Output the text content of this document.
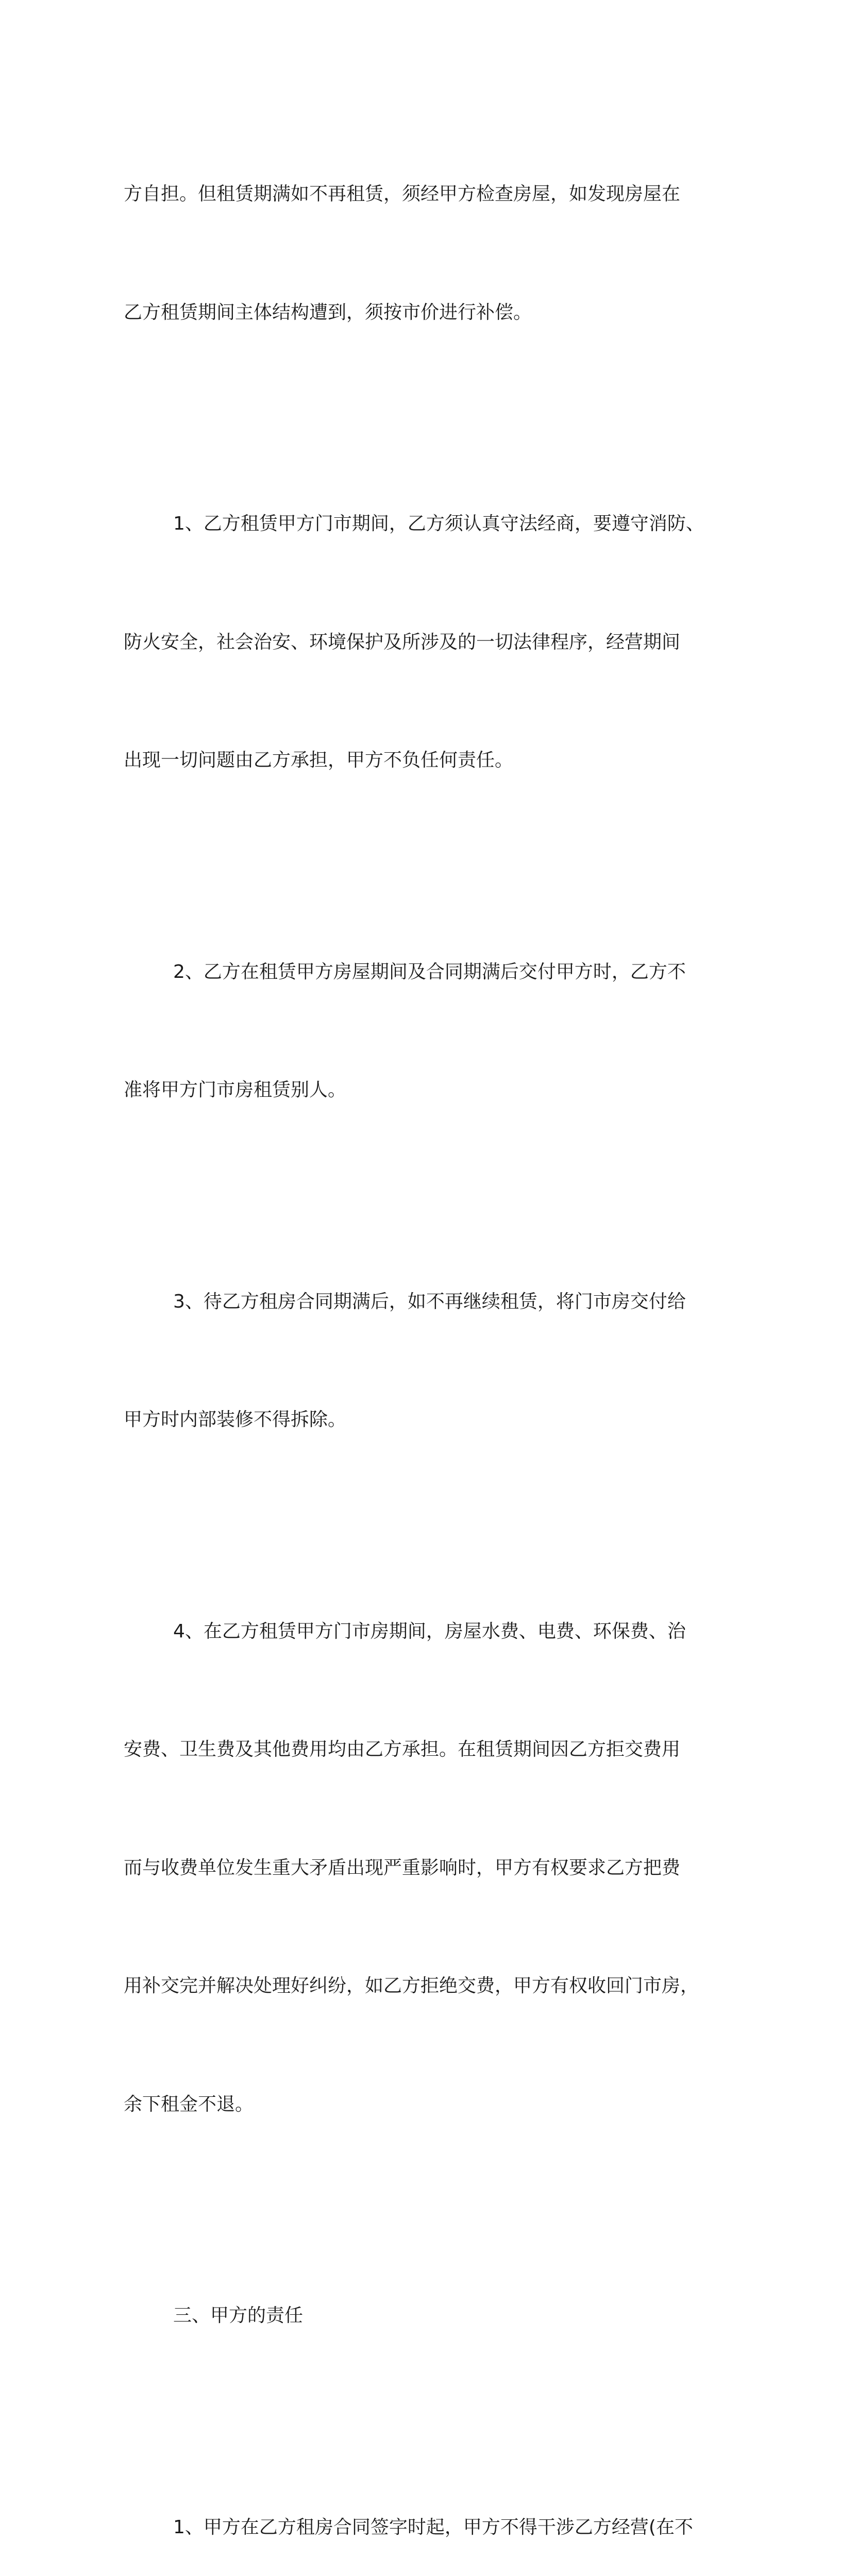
方自担。但租赁期满如不再租赁，须经甲方检查房屋，如发现房屋在

乙方租赁期间主体结构遭到，须按市价进行补偿。

1、乙方租赁甲方门市期间，乙方须认真守法经商，要遵守消防、

防火安全，社会治安、环境保护及所涉及的一切法律程序，经营期间

出现一切问题由乙方承担，甲方不负任何责任。

2、乙方在租赁甲方房屋期间及合同期满后交付甲方时，乙方不

准将甲方门市房租赁别人。

3、待乙方租房合同期满后，如不再继续租赁，将门市房交付给

甲方时内部装修不得拆除。

4、在乙方租赁甲方门市房期间，房屋水费、电费、环保费、治

安费、卫生费及其他费用均由乙方承担。在租赁期间因乙方拒交费用

而与收费单位发生重大矛盾出现严重影响时，甲方有权要求乙方把费

用补交完并解决处理好纠纷，如乙方拒绝交费，甲方有权收回门市房，

余下租金不退。

三、甲方的责任

1、甲方在乙方租房合同签字时起，甲方不得干涉乙方经营(在不
